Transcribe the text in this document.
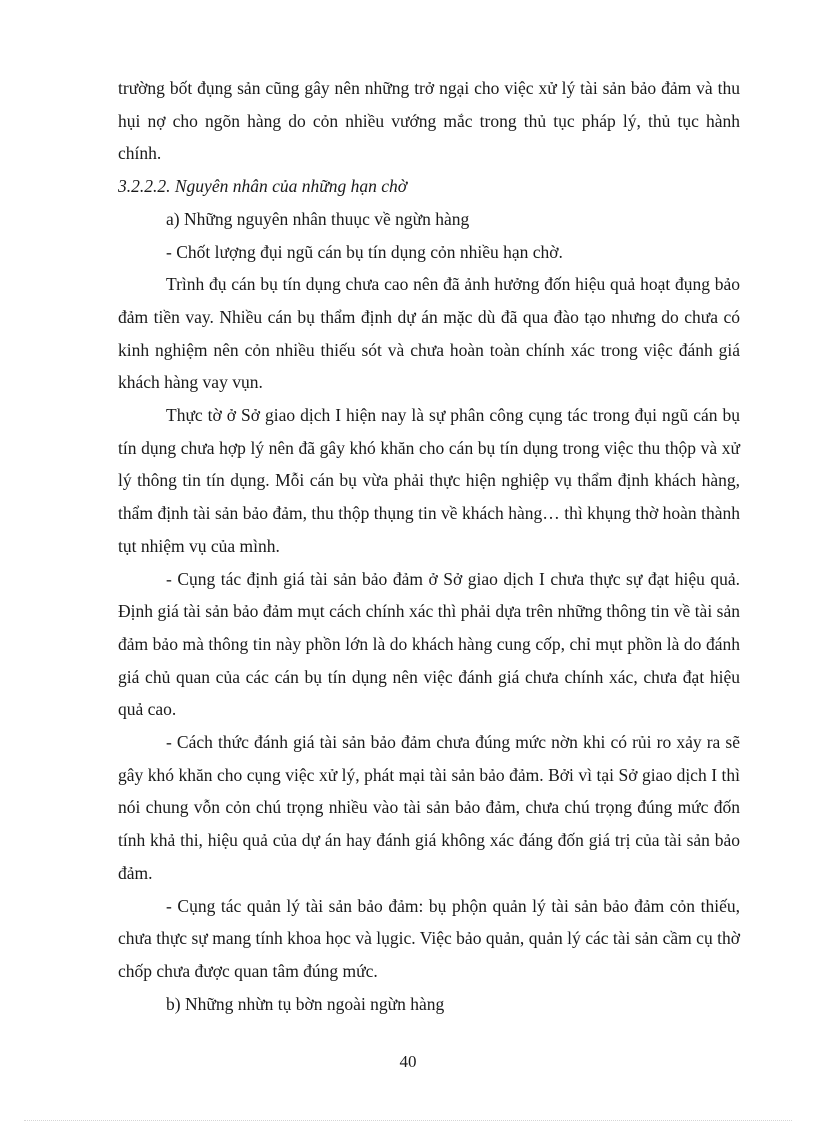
trường bốt đụng sản cũng gây nên những trở ngại cho việc xử lý tài sản bảo đảm và thu hụi nợ cho ngõn hàng do cỏn nhiều vướng mắc trong thủ tục pháp lý, thủ tục hành chính.

3.2.2.2. Nguyên nhân của những hạn chờ

a) Những nguyên nhân thuục về ngừn hàng

- Chốt lượng đụi ngũ cán bụ tín dụng cỏn nhiều hạn chờ.

Trình đụ cán bụ tín dụng chưa cao nên đã ảnh hưởng đốn hiệu quả hoạt đụng bảo đảm tiền vay. Nhiều cán bụ thẩm định dự án mặc dù đã qua đào tạo nhưng do chưa có kinh nghiệm nên cỏn nhiều thiếu sót và chưa hoàn toàn chính xác trong việc đánh giá khách hàng vay vụn.

Thực tờ ở Sở giao dịch I hiện nay là sự phân công cụng tác trong đụi ngũ cán bụ tín dụng chưa hợp lý nên đã gây khó khăn cho cán bụ tín dụng trong việc thu thộp và xử lý thông tin tín dụng. Mỗi cán bụ vừa phải thực hiện nghiệp vụ thẩm định khách hàng, thẩm định tài sản bảo đảm, thu thộp thụng tin về khách hàng… thì khụng thờ hoàn thành tụt nhiệm vụ của mình.

- Cụng tác định giá tài sản bảo đảm ở Sở giao dịch I chưa thực sự đạt hiệu quả. Định giá tài sản bảo đảm mụt cách chính xác thì phải dựa trên những thông tin về tài sản đảm bảo mà thông tin này phồn lớn là do khách hàng cung cốp, chỉ mụt phồn là do đánh giá chủ quan của các cán bụ tín dụng nên việc đánh giá chưa chính xác, chưa đạt hiệu quả cao.

- Cách thức đánh giá tài sản bảo đảm chưa đúng mức nờn khi có rủi ro xảy ra sẽ gây khó khăn cho cụng việc xử lý, phát mại tài sản bảo đảm. Bởi vì tại Sở giao dịch I thì nói chung vỗn cỏn chú trọng nhiều vào tài sản bảo đảm, chưa chú trọng đúng mức đốn tính khả thi, hiệu quả của dự án hay đánh giá không xác đáng đốn giá trị của tài sản bảo đảm.

- Cụng tác quản lý tài sản bảo đảm: bụ phộn quản lý tài sản bảo đảm cỏn thiếu, chưa thực sự mang tính khoa học và lụgic. Việc bảo quản, quản lý các tài sản cầm cụ thờ chốp chưa được quan tâm đúng mức.

b) Những nhừn tụ bờn ngoài ngừn hàng

40
